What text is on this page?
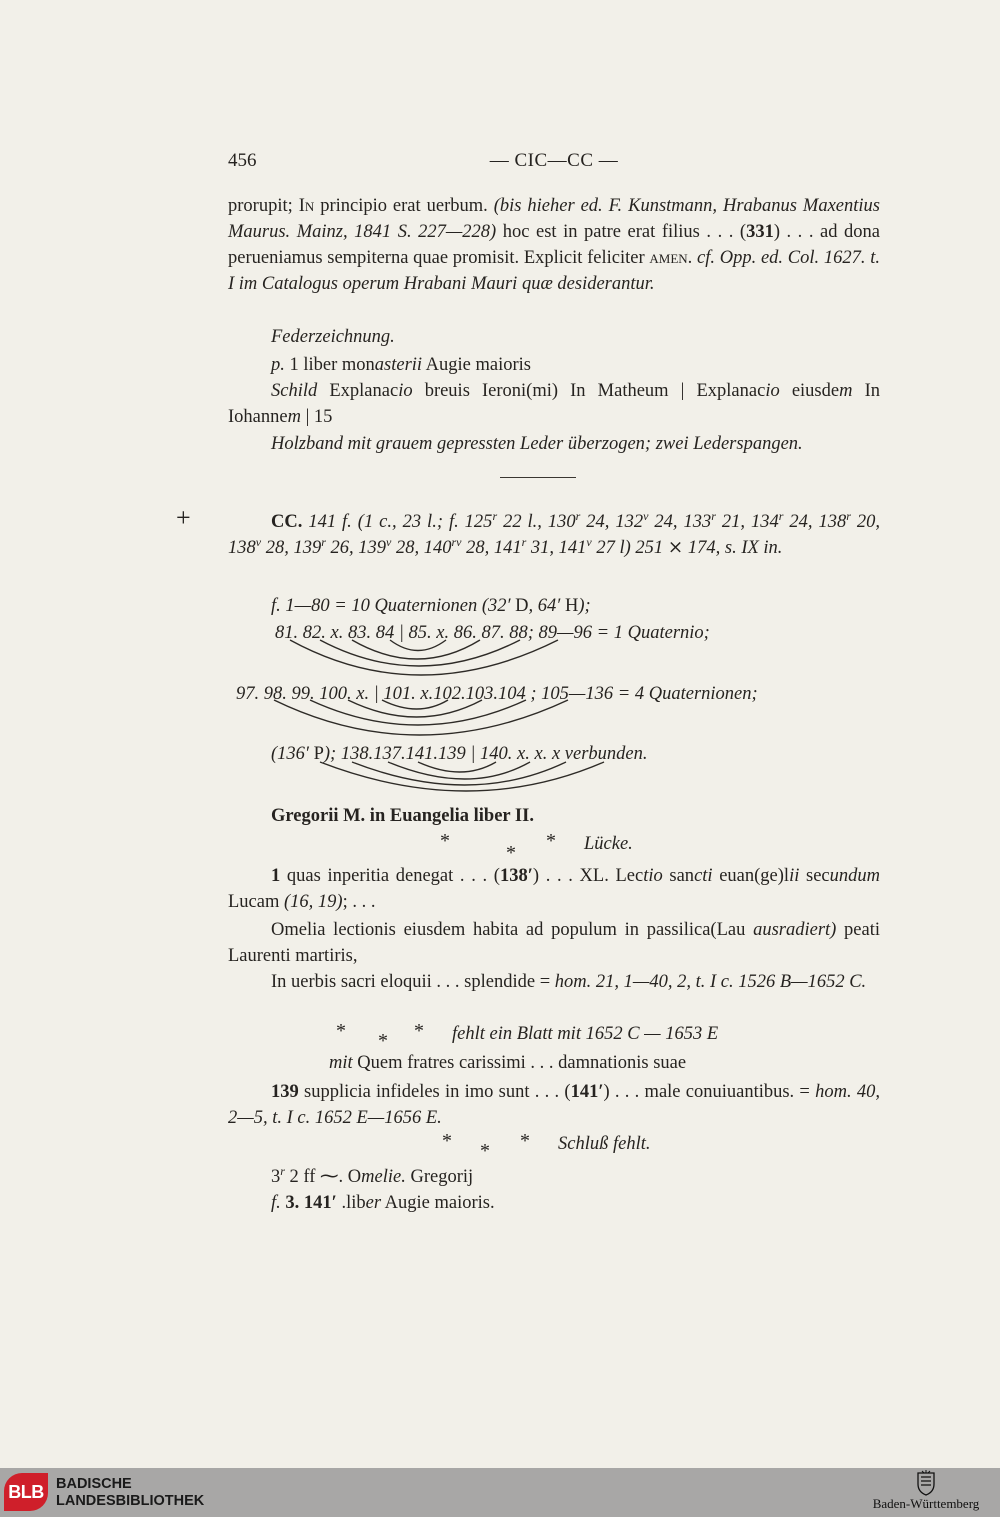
456	— CIC—CC —
prorupit; In principio erat uerbum. (bis hieher ed. F. Kunstmann, Hrabanus Maxentius Maurus. Mainz, 1841 S. 227—228) hoc est in patre erat filius . . . (331) . . . ad dona perueniamus sempiterna quae promisit. Explicit feliciter amen. cf. Opp. ed. Col. 1627. t. I im Catalogus operum Hrabani Mauri quæ desiderantur.
Federzeichnung.
p. 1 liber monasterii Augie maioris
Schild Explanacio breuis Ieroni(mi) In Matheum | Explanacio eiusdem In Iohannem | 15
Holzband mit grauem gepressten Leder überzogen; zwei Lederspangen.
+	CC. 141 f. (1 c., 23 l.; f. 125$^r$ 22 l., 130$^r$ 24, 132$^v$ 24, 133$^r$ 21, 134$^r$ 24, 138$^r$ 20, 138$^v$ 28, 139$^r$ 26, 139$^v$ 28, $140^{rv}$ 28, 141$^r$ 31, 141$^v$ 27 l) 251 ⨯ 174, s. IX in.
f. 1—80 = 10 Quaternionen (32′ D, 64′ H);
81. 82. x. 83. 84 | 85. x. 86. 87. 88; 89—96 = 1 Quaternio;
97. 98. 99. 100. x. | 101. x.102.103.104 ; 105—136 = 4 Quaternionen;
(136′ P); 138.137.141.139 | 140. x. x. x verbunden.
Gregorii M. in Euangelia liber II.
*
*
* Lücke.
1 quas inperitia denegat . . . (138′) . . . XL. Lectio sancti euan(ge)lii secundum Lucam (16, 19); . . .
Omelia lectionis eiusdem habita ad populum in passilica(Lau ausradiert) peati Laurenti martiris,
In uerbis sacri eloquii . . . splendide = hom. 21, 1—40, 2, t. I c. 1526 B—1652 C.
* * * fehlt ein Blatt mit 1652 C — 1653 E
mit Quem fratres carissimi . . . damnationis suae
139 supplicia infideles in imo sunt . . . (141′) . . . male conuiuantibus. = hom. 40, 2—5, t. I c. 1652 E—1656 E.
* * * Schluß fehlt.
3$^r$ 2 ff ⁓. Omelie. Gregorij
f. 3. 141′ .liber Augie maioris.
BLB BADISCHE
LANDESBIBLIOTHEK	Baden-Württemberg
